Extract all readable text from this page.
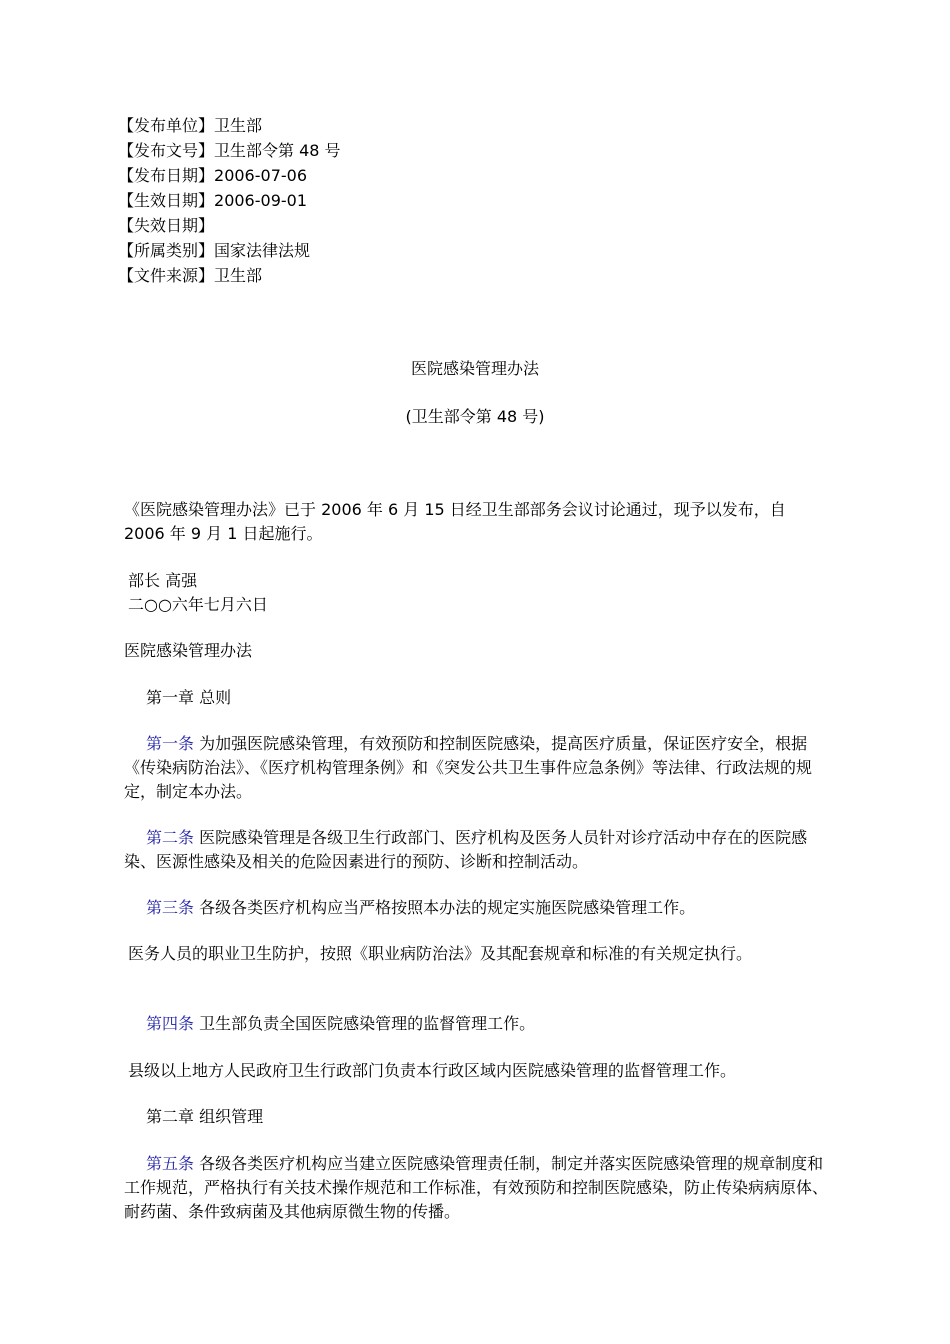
【发布单位】卫生部
【发布文号】卫生部令第 48 号
【发布日期】2006-07-06
【生效日期】2006-09-01
【失效日期】
【所属类别】国家法律法规
【文件来源】卫生部
医院感染管理办法
(卫生部令第 48 号)
《医院感染管理办法》已于 2006 年 6 月 15 日经卫生部部务会议讨论通过，现予以发布，自 2006 年 9 月 1 日起施行。
部长 高强
二○○六年七月六日
医院感染管理办法
第一章 总则
第一条 为加强医院感染管理，有效预防和控制医院感染，提高医疗质量，保证医疗安全，根据《传染病防治法》、《医疗机构管理条例》和《突发公共卫生事件应急条例》等法律、行政法规的规定，制定本办法。
第二条 医院感染管理是各级卫生行政部门、医疗机构及医务人员针对诊疗活动中存在的医院感染、医源性感染及相关的危险因素进行的预防、诊断和控制活动。
第三条 各级各类医疗机构应当严格按照本办法的规定实施医院感染管理工作。
医务人员的职业卫生防护，按照《职业病防治法》及其配套规章和标准的有关规定执行。
第四条 卫生部负责全国医院感染管理的监督管理工作。
县级以上地方人民政府卫生行政部门负责本行政区域内医院感染管理的监督管理工作。
第二章 组织管理
第五条 各级各类医疗机构应当建立医院感染管理责任制，制定并落实医院感染管理的规章制度和工作规范，严格执行有关技术操作规范和工作标准，有效预防和控制医院感染，防止传染病病原体、耐药菌、条件致病菌及其他病原微生物的传播。
